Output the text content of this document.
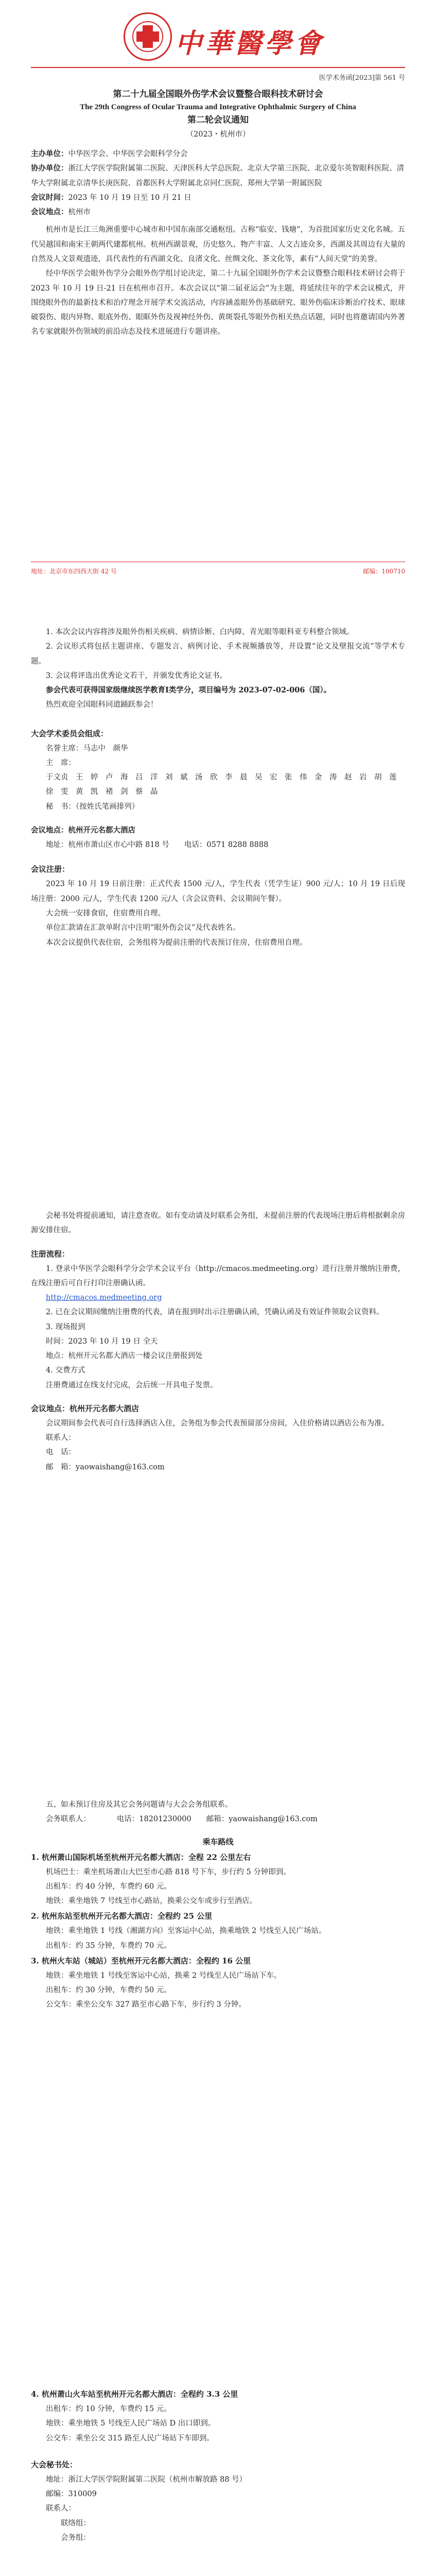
中華醫學會
医学术务函[2023]第 561 号
第二十九届全国眼外伤学术会议暨整合眼科技术研讨会
The 29th Congress of Ocular Trauma and Integrative Ophthalmic Surgery of China
第二轮会议通知
（2023・杭州市）
主办单位：中华医学会、中华医学会眼科学分会
协办单位：浙江大学医学院附属第二医院、天津医科大学总医院、北京大学第三医院、北京爱尔英智眼科医院、清华大学附属北京清华长庚医院、首都医科大学附属北京同仁医院、郑州大学第一附属医院
会议时间：2023 年 10 月 19 日至 10 月 21 日
会议地点：杭州市
杭州市是长江三角洲重要中心城市和中国东南部交通枢纽。古称“临安、钱塘”，为首批国家历史文化名城。五代吴越国和南宋王朝两代建都杭州。杭州西湖景观，历史悠久、物产丰富、人文古迹众多，西湖及其周边有大量的自然及人文景观遗迹，具代表性的有西湖文化、良渚文化、丝绸文化、茶文化等，素有“人间天堂”的美誉。
经中华医学会眼外伤学分会眼外伤学组讨论决定，第二十九届全国眼外伤学术会议暨整合眼科技术研讨会将于 2023 年 10 月 19 日-21 日在杭州市召开。本次会议以“第二届亚运会”为主题，将延续往年的学术会议模式，并围绕眼外伤的最新技术和治疗理念开展学术交流活动，内容涵盖眼外伤基础研究、眼外伤临床诊断治疗技术、眼球破裂伤、眼内异物、眼底外伤、眼眶外伤及视神经外伤、黄斑裂孔等眼外伤相关热点话题，同时也将邀请国内外著名专家就眼外伤领域的前沿动态及技术进展进行专题讲座。
地址：北京市东四西大街 42 号	邮编：100710
1. 本次会议内容将涉及眼外伤相关疾病、病情诊断、白内障、青光眼等眼科亚专科整合领域。
2. 会议形式将包括主题讲座、专题发言、病例讨论、手术视频播放等，并设置“论文及壁报交流”等学术专题。
3. 会议将评选出优秀论文若干，并颁发优秀论文证书。
参会代表可获得国家级继续医学教育Ⅰ类学分，项目编号为 2023-07-02-006（国）。
热烈欢迎全国眼科同道踊跃参会！
大会学术委员会组成：
名誉主席：马志中　颜华
主　席：
于文贞　王　婷　卢　海　吕　洋　刘　斌　汤　欣　李　晨　吴　宏　张　伟　金　涛　赵　岩　胡　莲　徐　雯　黄　凯　褚　剑　蔡　晶
秘　书：（按姓氏笔画排列）
会议地点：杭州开元名都大酒店
地址：杭州市萧山区市心中路 818 号　　 电话：0571 8288 8888
会议注册：
2023 年 10 月 19 日前注册：正式代表 1500 元/人，学生代表（凭学生证）900 元/人；10 月 19 日后现场注册：2000 元/人，学生代表 1200 元/人（含会议资料、会议期间午餐）。
大会统一安排食宿，住宿费用自理。
单位汇款请在汇款单附言中注明“眼外伤会议”及代表姓名。
本次会议提供代表住宿，会务组将为提前注册的代表预订住房，住宿费用自理。
会秘书处将提前通知，请注意查收。如有变动请及时联系会务组，未提前注册的代表现场注册后将根据剩余房源安排住宿。
注册流程：
1. 登录中华医学会眼科学分会学术会议平台（http://cmacos.medmeeting.org）进行注册并缴纳注册费，在线注册后可自行打印注册确认函。
http://cmacos.medmeeting.org
2. 已在会议期间缴纳注册费的代表，请在报到时出示注册确认函，凭确认函及有效证件领取会议资料。
3. 现场报到
时间：2023 年 10 月 19 日 全天
地点：杭州开元名都大酒店一楼会议注册报到处
4. 交费方式
注册费通过在线支付完成，会后统一开具电子发票。
会议地点：杭州开元名都大酒店
会议期间参会代表可自行选择酒店入住，会务组为参会代表预留部分房间，入住价格请以酒店公布为准。
联系人：
电　话：
邮　箱：yaowaishang@163.com
五、如未预订住房及其它会务问题请与大会会务组联系。
会务联系人：　　　　电话：18201230000　　邮箱：yaowaishang@163.com
乘车路线
1. 杭州萧山国际机场至杭州开元名都大酒店：全程 22 公里左右
机场巴士：乘坐机场萧山大巴至市心路 818 号下车，步行约 5 分钟即到。
出租车：约 40 分钟，车费约 60 元。
地铁：乘坐地铁 7 号线至市心路站，换乘公交车或步行至酒店。
2. 杭州东站至杭州开元名都大酒店：全程约 25 公里
地铁：乘坐地铁 1 号线（湘湖方向）至客运中心站，换乘地铁 2 号线至人民广场站。
出租车：约 35 分钟，车费约 70 元。
3. 杭州火车站（城站）至杭州开元名都大酒店：全程约 16 公里
地铁：乘坐地铁 1 号线至客运中心站，换乘 2 号线至人民广场站下车。
出租车：约 30 分钟，车费约 50 元。
公交车：乘坐公交车 327 路至市心路下车，步行约 3 分钟。
4. 杭州萧山火车站至杭州开元名都大酒店：全程约 3.3 公里
出租车：约 10 分钟，车费约 15 元。
地铁：乘坐地铁 5 号线至人民广场站 D 出口即到。
公交车：乘坐公交 315 路至人民广场站下车即到。
大会秘书处：
地址：浙江大学医学院附属第二医院（杭州市解放路 88 号）
邮编：310009
联系人：
联络组：
会务组：
